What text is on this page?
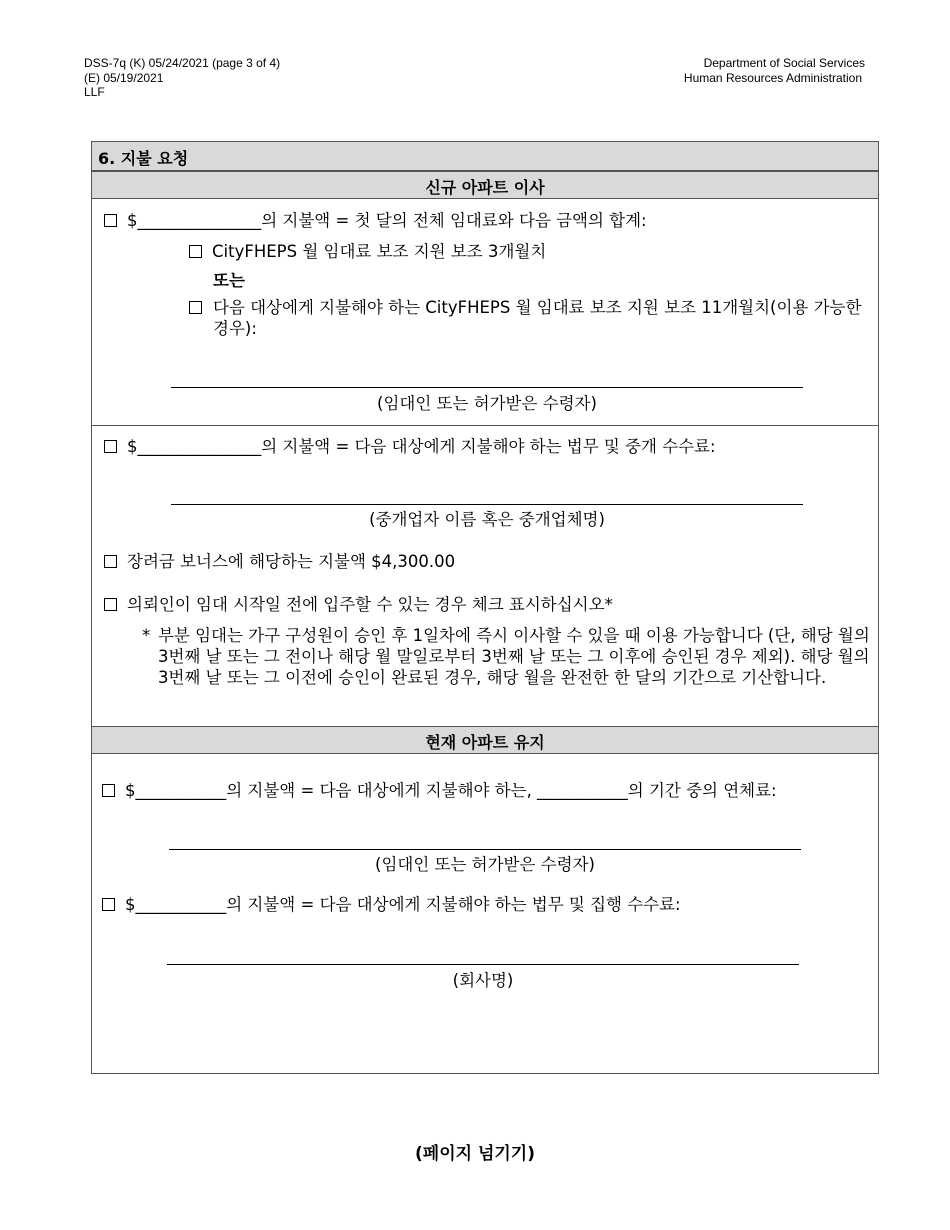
DSS-7q (K) 05/24/2021 (page 3 of 4)
(E) 05/19/2021
LLF
Department of Social Services
Human Resources Administration
6. 지불 요청
신규 아파트 이사
$_______________의 지불액 = 첫 달의 전체 임대료와 다음 금액의 합계:
CityFHEPS 월 임대료 보조 지원 보조 3개월치
또는
다음 대상에게 지불해야 하는 CityFHEPS 월 임대료 보조 지원 보조 11개월치(이용 가능한 경우):
(임대인 또는 허가받은 수령자)
$_______________의 지불액 = 다음 대상에게 지불해야 하는 법무 및 중개 수수료:
(중개업자 이름 혹은 중개업체명)
장려금 보너스에 해당하는 지불액 $4,300.00
의뢰인이 임대 시작일 전에 입주할 수 있는 경우 체크 표시하십시오*
* 부분 임대는 가구 구성원이 승인 후 1일차에 즉시 이사할 수 있을 때 이용 가능합니다 (단, 해당 월의 3번째 날 또는 그 전이나 해당 월 말일로부터 3번째 날 또는 그 이후에 승인된 경우 제외). 해당 월의 3번째 날 또는 그 이전에 승인이 완료된 경우, 해당 월을 완전한 한 달의 기간으로 기산합니다.
현재 아파트 유지
$___________의 지불액 = 다음 대상에게 지불해야 하는, ___________의 기간 중의 연체료:
(임대인 또는 허가받은 수령자)
$___________의 지불액 = 다음 대상에게 지불해야 하는 법무 및 집행 수수료:
(회사명)
(페이지 넘기기)
